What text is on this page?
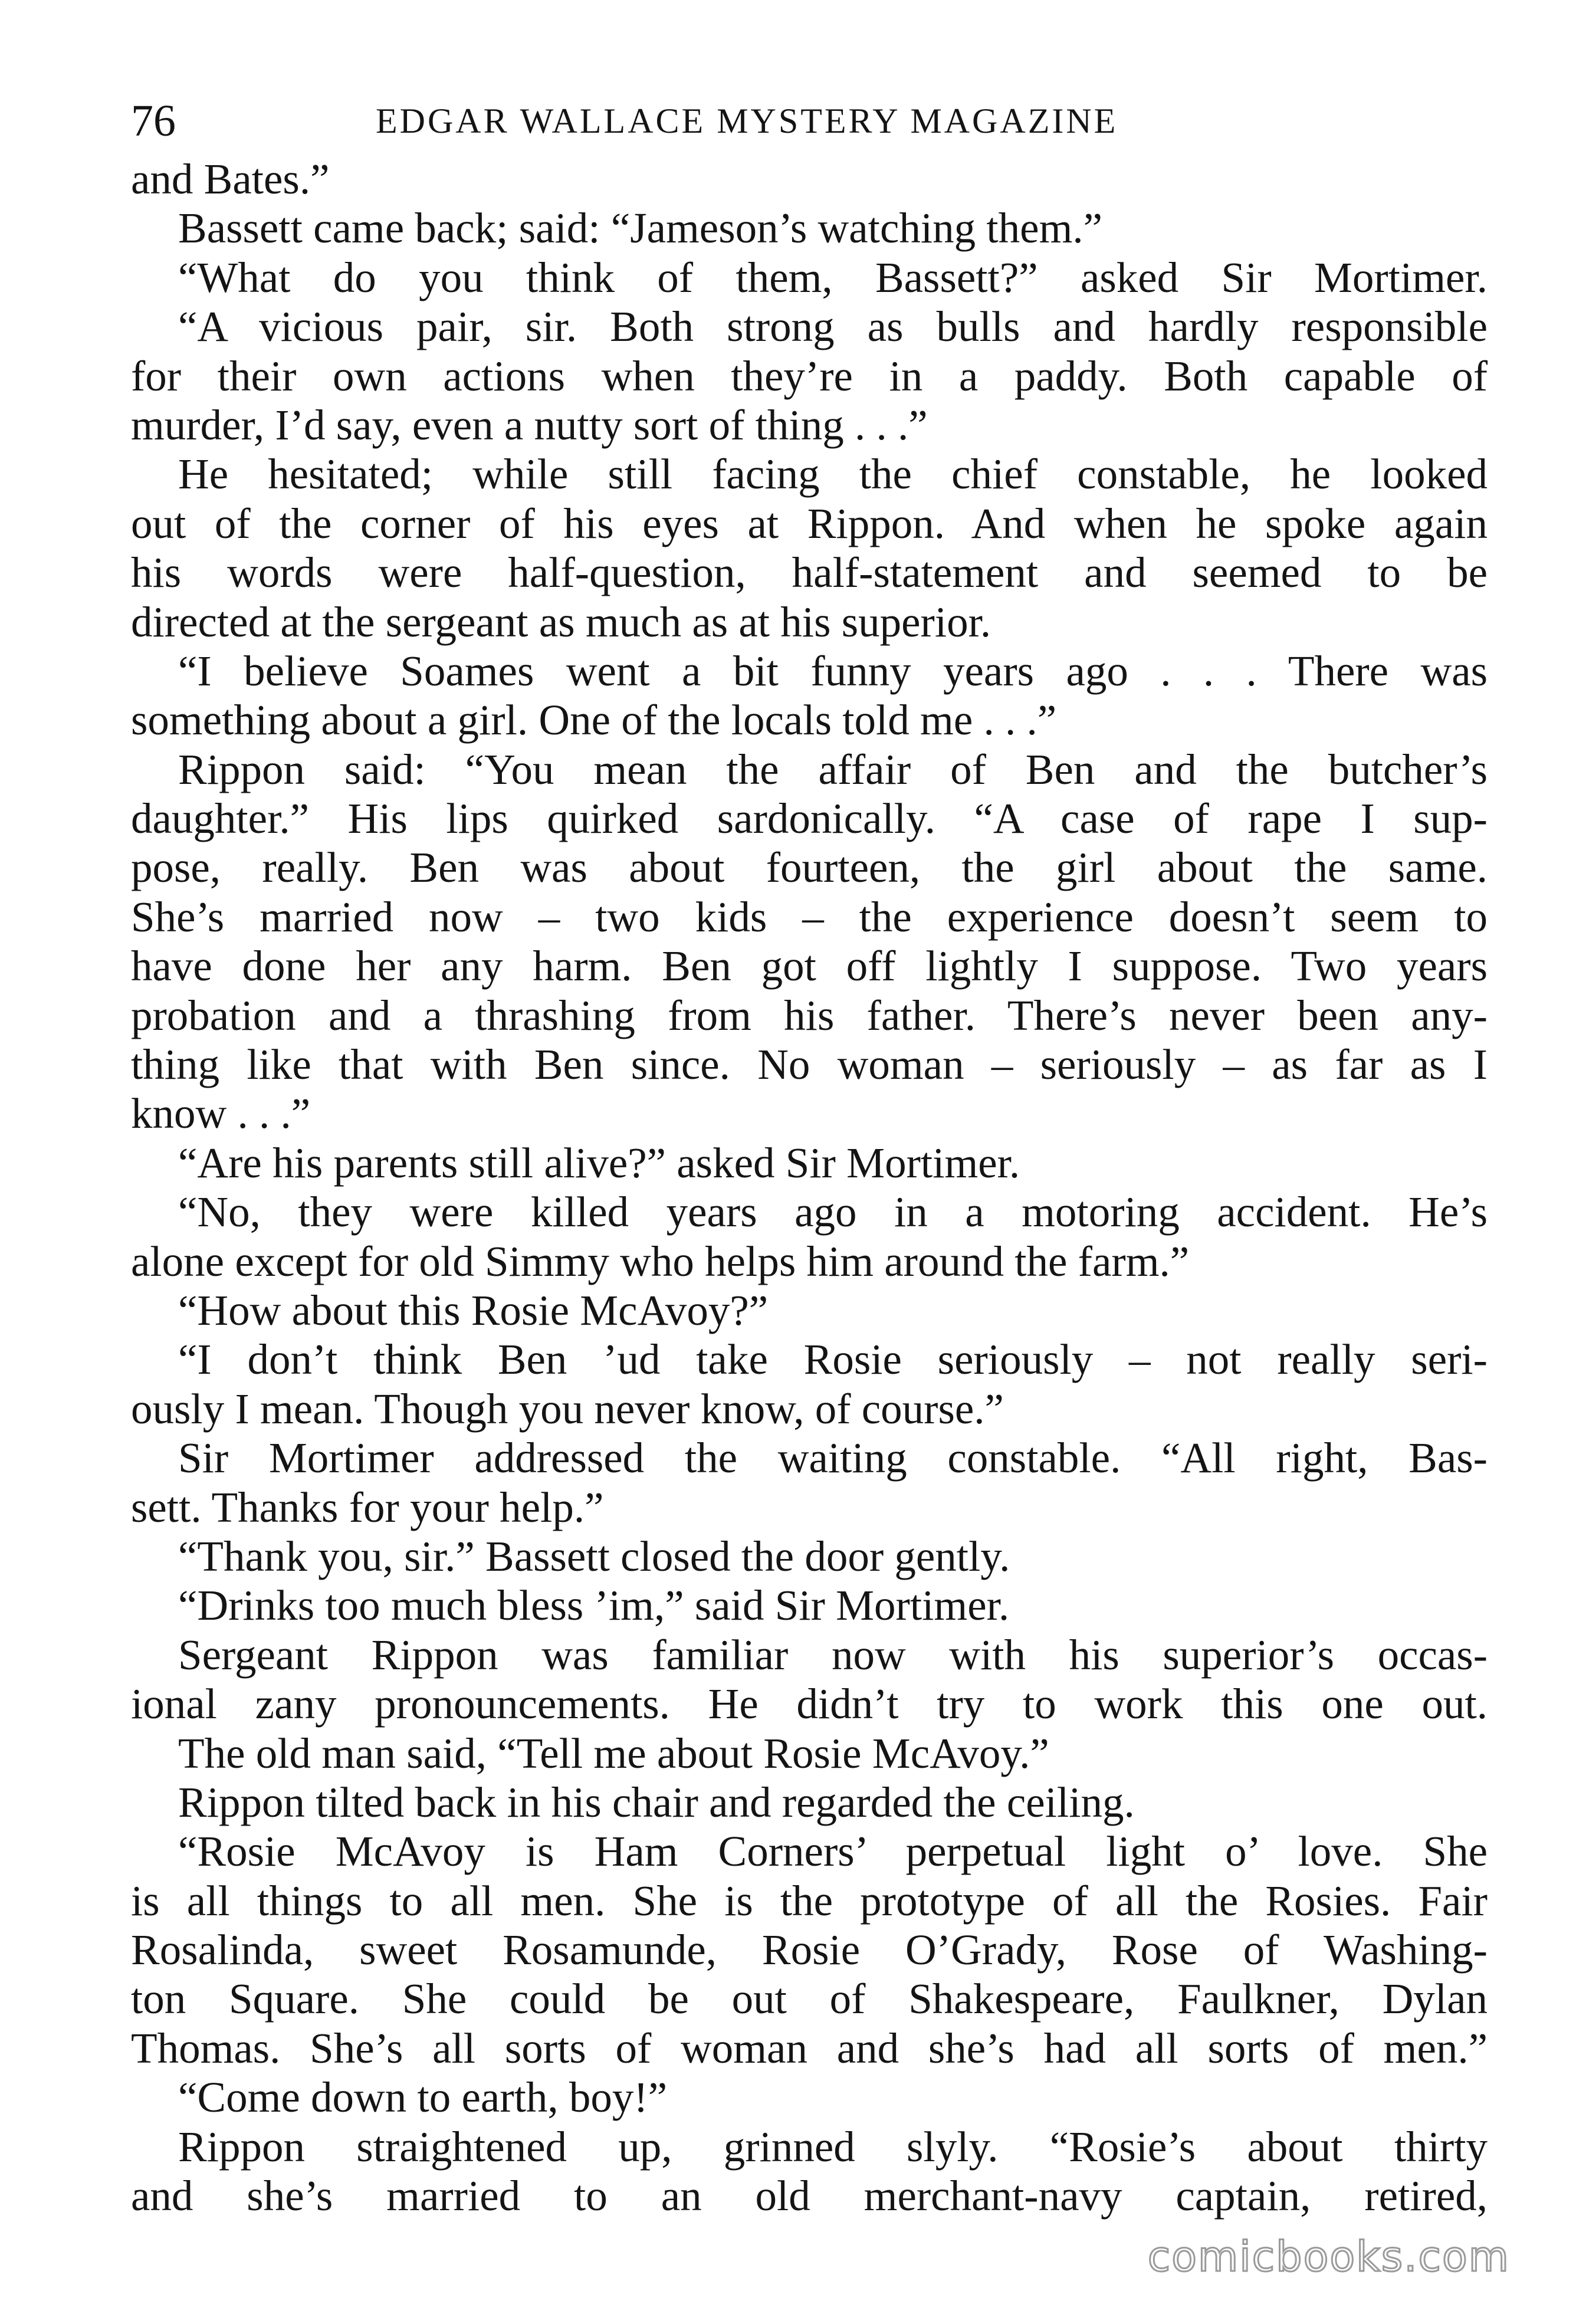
76	EDGAR WALLACE MYSTERY MAGAZINE
and Bates.”
Bassett came back; said: “Jameson’s watching them.”
“What do you think of them, Bassett?” asked Sir Mortimer.
“A vicious pair, sir. Both strong as bulls and hardly responsible
for their own actions when they’re in a paddy. Both capable of
murder, I’d say, even a nutty sort of thing . . .”
He hesitated; while still facing the chief constable, he looked
out of the corner of his eyes at Rippon. And when he spoke again
his words were half-question, half-statement and seemed to be
directed at the sergeant as much as at his superior.
“I believe Soames went a bit funny years ago . . . There was
something about a girl. One of the locals told me . . .”
Rippon said: “You mean the affair of Ben and the butcher’s
daughter.” His lips quirked sardonically. “A case of rape I sup-
pose, really. Ben was about fourteen, the girl about the same.
She’s married now – two kids – the experience doesn’t seem to
have done her any harm. Ben got off lightly I suppose. Two years
probation and a thrashing from his father. There’s never been any-
thing like that with Ben since. No woman – seriously – as far as I
know . . .”
“Are his parents still alive?” asked Sir Mortimer.
“No, they were killed years ago in a motoring accident. He’s
alone except for old Simmy who helps him around the farm.”
“How about this Rosie McAvoy?”
“I don’t think Ben ’ud take Rosie seriously – not really seri-
ously I mean. Though you never know, of course.”
Sir Mortimer addressed the waiting constable. “All right, Bas-
sett. Thanks for your help.”
“Thank you, sir.” Bassett closed the door gently.
“Drinks too much bless ’im,” said Sir Mortimer.
Sergeant Rippon was familiar now with his superior’s occas-
ional zany pronouncements. He didn’t try to work this one out.
The old man said, “Tell me about Rosie McAvoy.”
Rippon tilted back in his chair and regarded the ceiling.
“Rosie McAvoy is Ham Corners’ perpetual light o’ love. She
is all things to all men. She is the prototype of all the Rosies. Fair
Rosalinda, sweet Rosamunde, Rosie O’Grady, Rose of Washing-
ton Square. She could be out of Shakespeare, Faulkner, Dylan
Thomas. She’s all sorts of woman and she’s had all sorts of men.”
“Come down to earth, boy!”
Rippon straightened up, grinned slyly. “Rosie’s about thirty
and she’s married to an old merchant-navy captain, retired,
comicbooks.com
